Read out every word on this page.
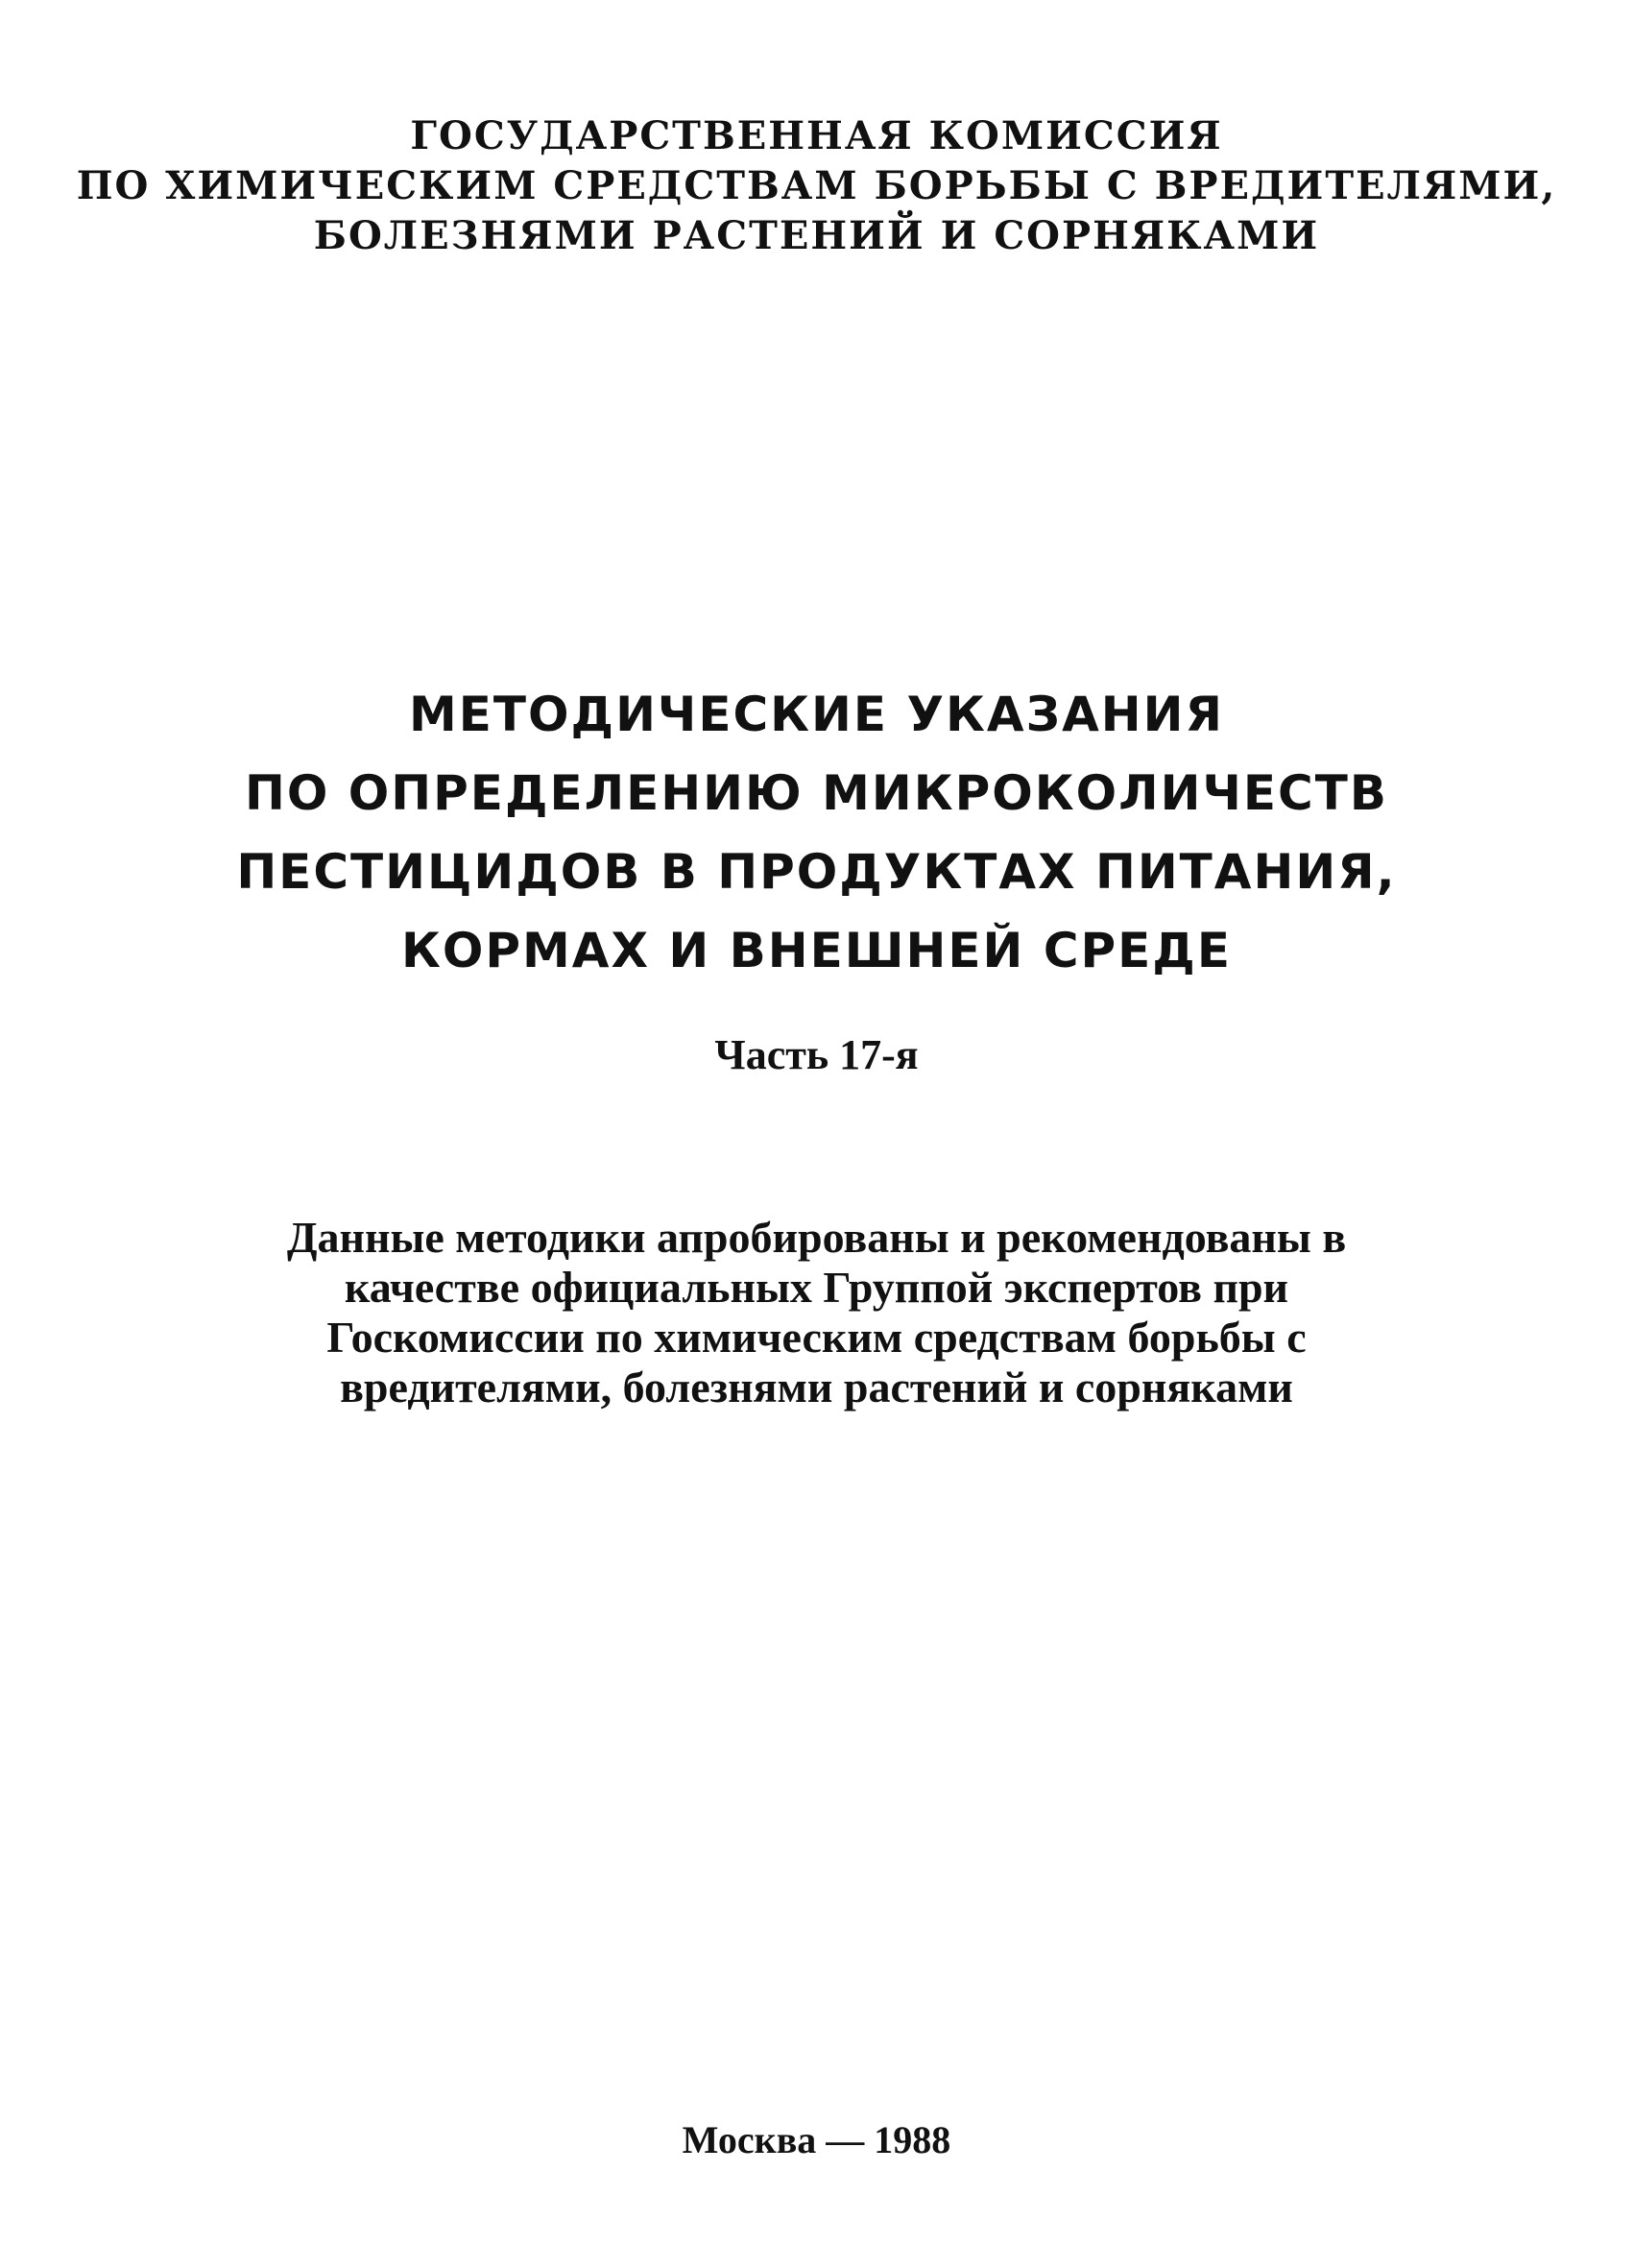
ГОСУДАРСТВЕННАЯ КОМИССИЯ
ПО ХИМИЧЕСКИМ СРЕДСТВАМ БОРЬБЫ С ВРЕДИТЕЛЯМИ,
БОЛЕЗНЯМИ РАСТЕНИЙ И СОРНЯКАМИ
МЕТОДИЧЕСКИЕ УКАЗАНИЯ
ПО ОПРЕДЕЛЕНИЮ МИКРОКОЛИЧЕСТВ
ПЕСТИЦИДОВ В ПРОДУКТАХ ПИТАНИЯ,
КОРМАХ И ВНЕШНЕЙ СРЕДЕ
Часть 17-я
Данные методики апробированы и рекомендованы в
качестве официальных Группой экспертов при
Госкомиссии по химическим средствам борьбы с
вредителями, болезнями растений и сорняками
Москва — 1988
